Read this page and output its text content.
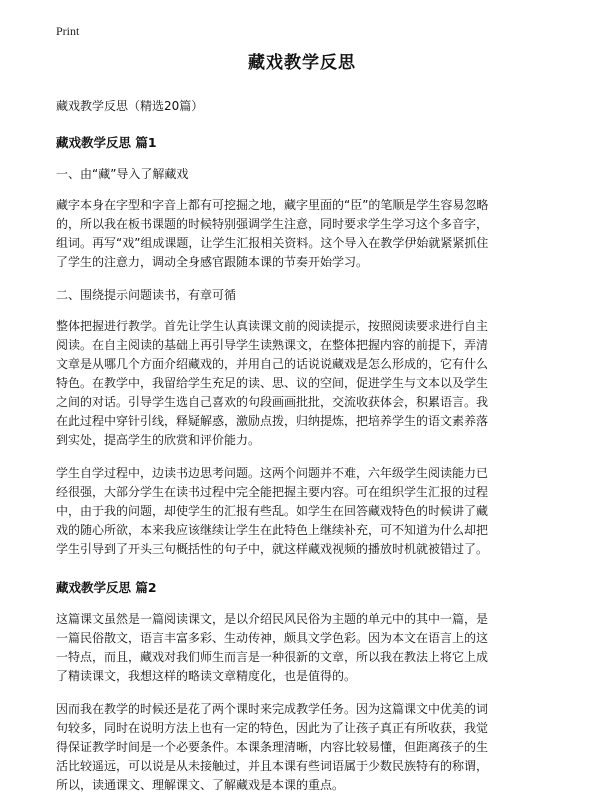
Print
藏戏教学反思
藏戏教学反思（精选20篇）
藏戏教学反思 篇1
一、由“藏”导入了解藏戏
藏字本身在字型和字音上都有可挖掘之地，藏字里面的“臣”的笔顺是学生容易忽略
的，所以我在板书课题的时候特别强调学生注意，同时要求学生学习这个多音字，
组词。再写“戏”组成课题，让学生汇报相关资料。这个导入在教学伊始就紧紧抓住
了学生的注意力，调动全身感官跟随本课的节奏开始学习。
二、围绕提示问题读书，有章可循
整体把握进行教学。首先让学生认真读课文前的阅读提示，按照阅读要求进行自主
阅读。在自主阅读的基础上再引导学生读熟课文，在整体把握内容的前提下，弄清
文章是从哪几个方面介绍藏戏的，并用自己的话说说藏戏是怎么形成的，它有什么
特色。在教学中，我留给学生充足的读、思、议的空间，促进学生与文本以及学生
之间的对话。引导学生选自己喜欢的句段画画批批，交流收获体会，积累语言。我
在此过程中穿针引线，释疑解惑，激励点拨，归纳提炼，把培养学生的语文素养落
到实处，提高学生的欣赏和评价能力。
学生自学过程中，边读书边思考问题。这两个问题并不难，六年级学生阅读能力已
经很强，大部分学生在读书过程中完全能把握主要内容。可在组织学生汇报的过程
中，由于我的问题，却使学生的汇报有些乱。如学生在回答藏戏特色的时候讲了藏
戏的随心所欲，本来我应该继续让学生在此特色上继续补充，可不知道为什么却把
学生引导到了开头三句概括性的句子中，就这样藏戏视频的播放时机就被错过了。
藏戏教学反思 篇2
这篇课文虽然是一篇阅读课文，是以介绍民风民俗为主题的单元中的其中一篇，是
一篇民俗散文，语言丰富多彩、生动传神，颇具文学色彩。因为本文在语言上的这
一特点，而且，藏戏对我们师生而言是一种很新的文章，所以我在教法上将它上成
了精读课文，我想这样的略读文章精度化，也是值得的。
因而我在教学的时候还是花了两个课时来完成教学任务。因为这篇课文中优美的词
句较多，同时在说明方法上也有一定的特色，因此为了让孩子真正有所收获，我觉
得保证教学时间是一个必要条件。本课条理清晰，内容比较易懂，但距离孩子的生
活比较遥远，可以说是从未接触过，并且本课有些词语属于少数民族特有的称谓，
所以，读通课文、理解课文、了解藏戏是本课的重点。
